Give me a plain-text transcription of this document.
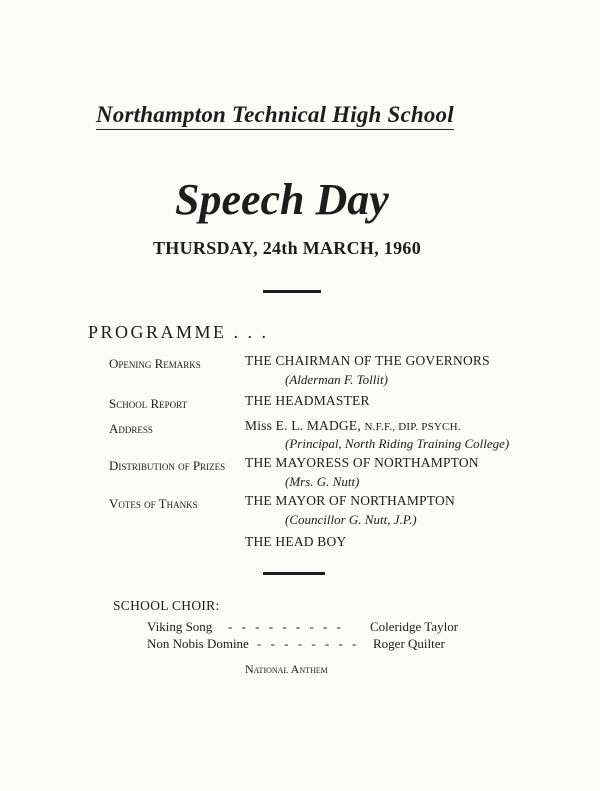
Northampton Technical High School
Speech Day
THURSDAY, 24th MARCH, 1960
PROGRAMME . . .
Opening Remarks	THE CHAIRMAN OF THE GOVERNORS
(Alderman F. Tollit)
School Report	THE HEADMASTER
Address	Miss E. L. MADGE, N.F.F., DIP. PSYCH.
(Principal, North Riding Training College)
Distribution of Prizes THE MAYORESS OF NORTHAMPTON
(Mrs. G. Nutt)
Votes of Thanks	THE MAYOR OF NORTHAMPTON
(Councillor G. Nutt, J.P.)
THE HEAD BOY
SCHOOL CHOIR:
Viking Song - - - - - - - - - Coleridge Taylor
Non Nobis Domine - - - - - - - - Roger Quilter
National Anthem
